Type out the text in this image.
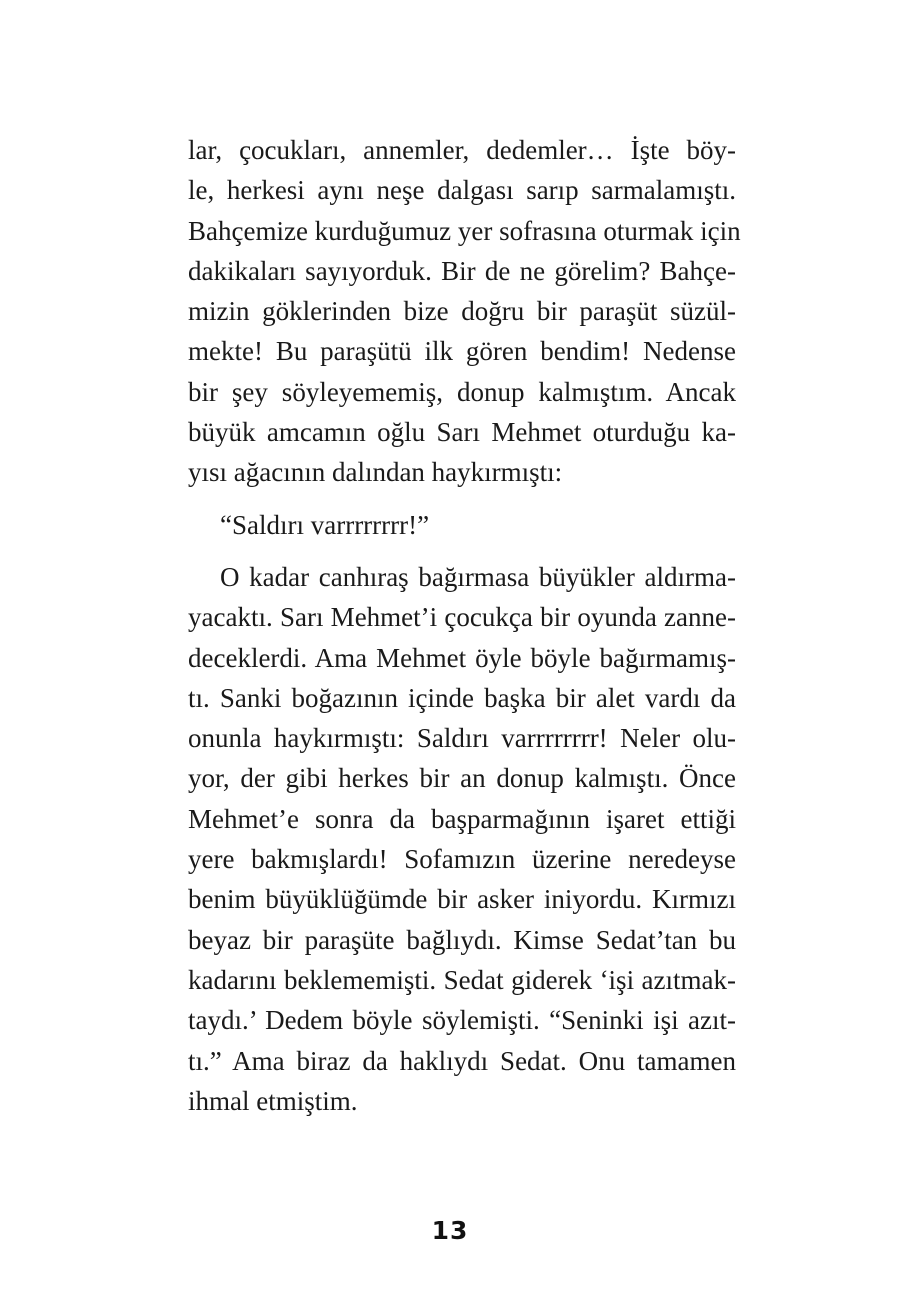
lar, çocukları, annemler, dedemler… İşte böy-
le, herkesi aynı neşe dalgası sarıp sarmalamıştı.
Bahçemize kurduğumuz yer sofrasına oturmak için
dakikaları sayıyorduk. Bir de ne görelim? Bahçe-
mizin göklerinden bize doğru bir paraşüt süzül-
mekte! Bu paraşütü ilk gören bendim! Nedense
bir şey söyleyememiş, donup kalmıştım. Ancak
büyük amcamın oğlu Sarı Mehmet oturduğu ka-
yısı ağacının dalından haykırmıştı:
“Saldırı varrrrrrrr!”
O kadar canhıraş bağırmasa büyükler aldırma-
yacaktı. Sarı Mehmet’i çocukça bir oyunda zanne-
deceklerdi. Ama Mehmet öyle böyle bağırmamış-
tı. Sanki boğazının içinde başka bir alet vardı da
onunla haykırmıştı: Saldırı varrrrrrrr! Neler olu-
yor, der gibi herkes bir an donup kalmıştı. Önce
Mehmet’e sonra da başparmağının işaret ettiği
yere bakmışlardı! Sofamızın üzerine neredeyse
benim büyüklüğümde bir asker iniyordu. Kırmızı
beyaz bir paraşüte bağlıydı. Kimse Sedat’tan bu
kadarını beklememişti. Sedat giderek ‘işi azıtmak-
taydı.’ Dedem böyle söylemişti. “Seninki işi azıt-
tı.” Ama biraz da haklıydı Sedat. Onu tamamen
ihmal etmiştim.
13
